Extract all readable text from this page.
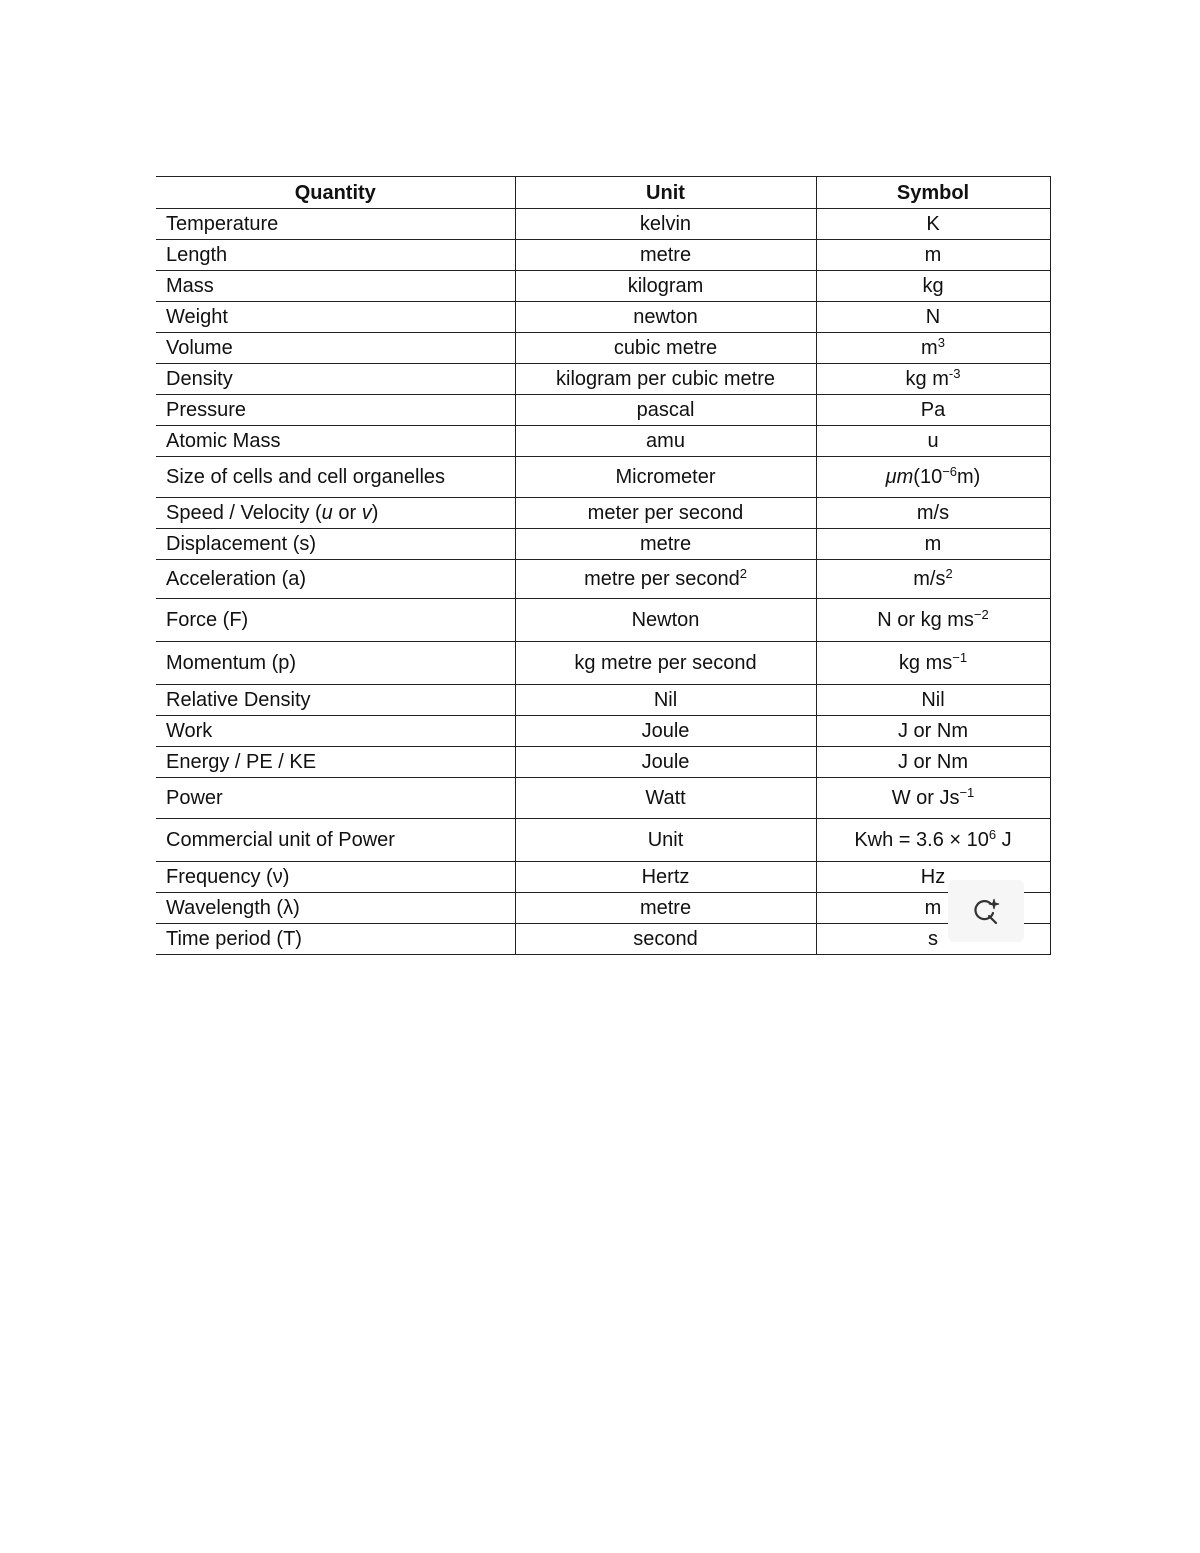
Quantity	Unit	Symbol
Temperature	kelvin	K
Length	metre	m
Mass	kilogram	kg
Weight	newton	N
Volume	cubic metre	$m^3$
Density	kilogram per cubic metre	kg $m^{-3}$
Pressure	pascal	Pa
Atomic Mass	amu	u
Size of cells and cell organelles	Micrometer	$\mu m(10^{-6}m)$
Speed / Velocity (u or v)	meter per second	m/s
Displacement (s)	metre	m
Acceleration (a)	metre per second$^2$	$m/s^2$
Force (F)	Newton	N or kg $ms^{-2}$
Momentum (p)	kg metre per second	kg $ms^{-1}$
Relative Density	Nil	Nil
Work	Joule	J or Nm
Energy / PE / KE	Joule	J or Nm
Power	Watt	W or $Js^{-1}$
Commercial unit of Power	Unit	Kwh = $3.6 \times 10^6$ J
Frequency (ν)	Hertz	Hz
Wavelength (λ)	metre	m
Time period (T)	second	s
